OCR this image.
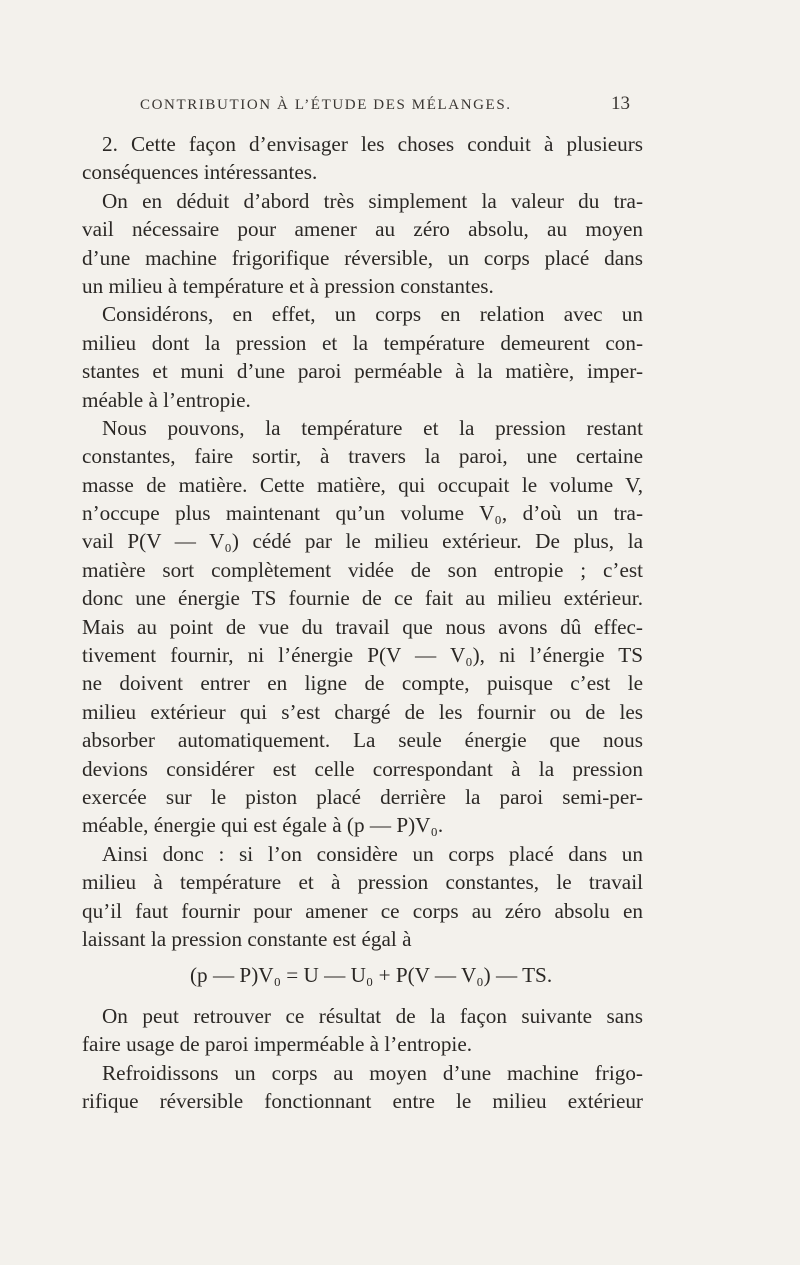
CONTRIBUTION À L’ÉTUDE DES MÉLANGES.	13
2. Cette façon d’envisager les choses conduit à plusieurs
conséquences intéressantes.
On en déduit d’abord très simplement la valeur du tra-
vail nécessaire pour amener au zéro absolu, au moyen
d’une machine frigorifique réversible, un corps placé dans
un milieu à température et à pression constantes.
Considérons, en effet, un corps en relation avec un
milieu dont la pression et la température demeurent con-
stantes et muni d’une paroi perméable à la matière, imper-
méable à l’entropie.
Nous pouvons, la température et la pression restant
constantes, faire sortir, à travers la paroi, une certaine
masse de matière. Cette matière, qui occupait le volume V,
n’occupe plus maintenant qu’un volume V₀, d’où un tra-
vail P(V — V₀) cédé par le milieu extérieur. De plus, la
matière sort complètement vidée de son entropie ; c’est
donc une énergie TS fournie de ce fait au milieu extérieur.
Mais au point de vue du travail que nous avons dû effec-
tivement fournir, ni l’énergie P(V — V₀), ni l’énergie TS
ne doivent entrer en ligne de compte, puisque c’est le
milieu extérieur qui s’est chargé de les fournir ou de les
absorber automatiquement. La seule énergie que nous
devions considérer est celle correspondant à la pression
exercée sur le piston placé derrière la paroi semi-per-
méable, énergie qui est égale à (p — P)V₀.
Ainsi donc : si l’on considère un corps placé dans un
milieu à température et à pression constantes, le travail
qu’il faut fournir pour amener ce corps au zéro absolu en
laissant la pression constante est égal à
(p — P)V₀ = U — U₀ + P(V — V₀) — TS.
On peut retrouver ce résultat de la façon suivante sans
faire usage de paroi imperméable à l’entropie.
Refroidissons un corps au moyen d’une machine frigo-
rifique réversible fonctionnant entre le milieu extérieur
